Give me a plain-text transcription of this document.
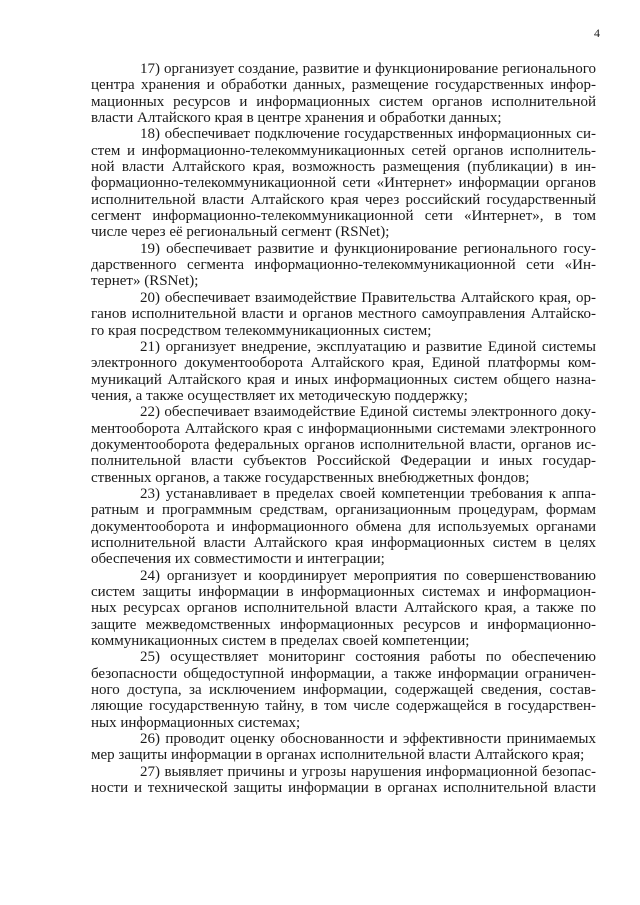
4
17) организует создание, развитие и функционирование регионального
центра хранения и обработки данных, размещение государственных инфор-
мационных ресурсов и информационных систем органов исполнительной
власти Алтайского края в центре хранения и обработки данных;
18) обеспечивает подключение государственных информационных си-
стем и информационно-телекоммуникационных сетей органов исполнитель-
ной власти Алтайского края, возможность размещения (публикации) в ин-
формационно-телекоммуникационной сети «Интернет» информации органов
исполнительной власти Алтайского края через российский государственный
сегмент информационно-телекоммуникационной сети «Интернет», в том
числе через её региональный сегмент (RSNet);
19) обеспечивает развитие и функционирование регионального госу-
дарственного сегмента информационно-телекоммуникационной сети «Ин-
тернет» (RSNet);
20) обеспечивает взаимодействие Правительства Алтайского края, ор-
ганов исполнительной власти и органов местного самоуправления Алтайско-
го края посредством телекоммуникационных систем;
21) организует внедрение, эксплуатацию и развитие Единой системы
электронного документооборота Алтайского края, Единой платформы ком-
муникаций Алтайского края и иных информационных систем общего назна-
чения, а также осуществляет их методическую поддержку;
22) обеспечивает взаимодействие Единой системы электронного доку-
ментооборота Алтайского края с информационными системами электронного
документооборота федеральных органов исполнительной власти, органов ис-
полнительной власти субъектов Российской Федерации и иных государ-
ственных органов, а также государственных внебюджетных фондов;
23) устанавливает в пределах своей компетенции требования к аппа-
ратным и программным средствам, организационным процедурам, формам
документооборота и информационного обмена для используемых органами
исполнительной власти Алтайского края информационных систем в целях
обеспечения их совместимости и интеграции;
24) организует и координирует мероприятия по совершенствованию
систем защиты информации в информационных системах и информацион-
ных ресурсах органов исполнительной власти Алтайского края, а также по
защите межведомственных информационных ресурсов и информационно-
коммуникационных систем в пределах своей компетенции;
25) осуществляет мониторинг состояния работы по обеспечению
безопасности общедоступной информации, а также информации ограничен-
ного доступа, за исключением информации, содержащей сведения, состав-
ляющие государственную тайну, в том числе содержащейся в государствен-
ных информационных системах;
26) проводит оценку обоснованности и эффективности принимаемых
мер защиты информации в органах исполнительной власти Алтайского края;
27) выявляет причины и угрозы нарушения информационной безопас-
ности и технической защиты информации в органах исполнительной власти
